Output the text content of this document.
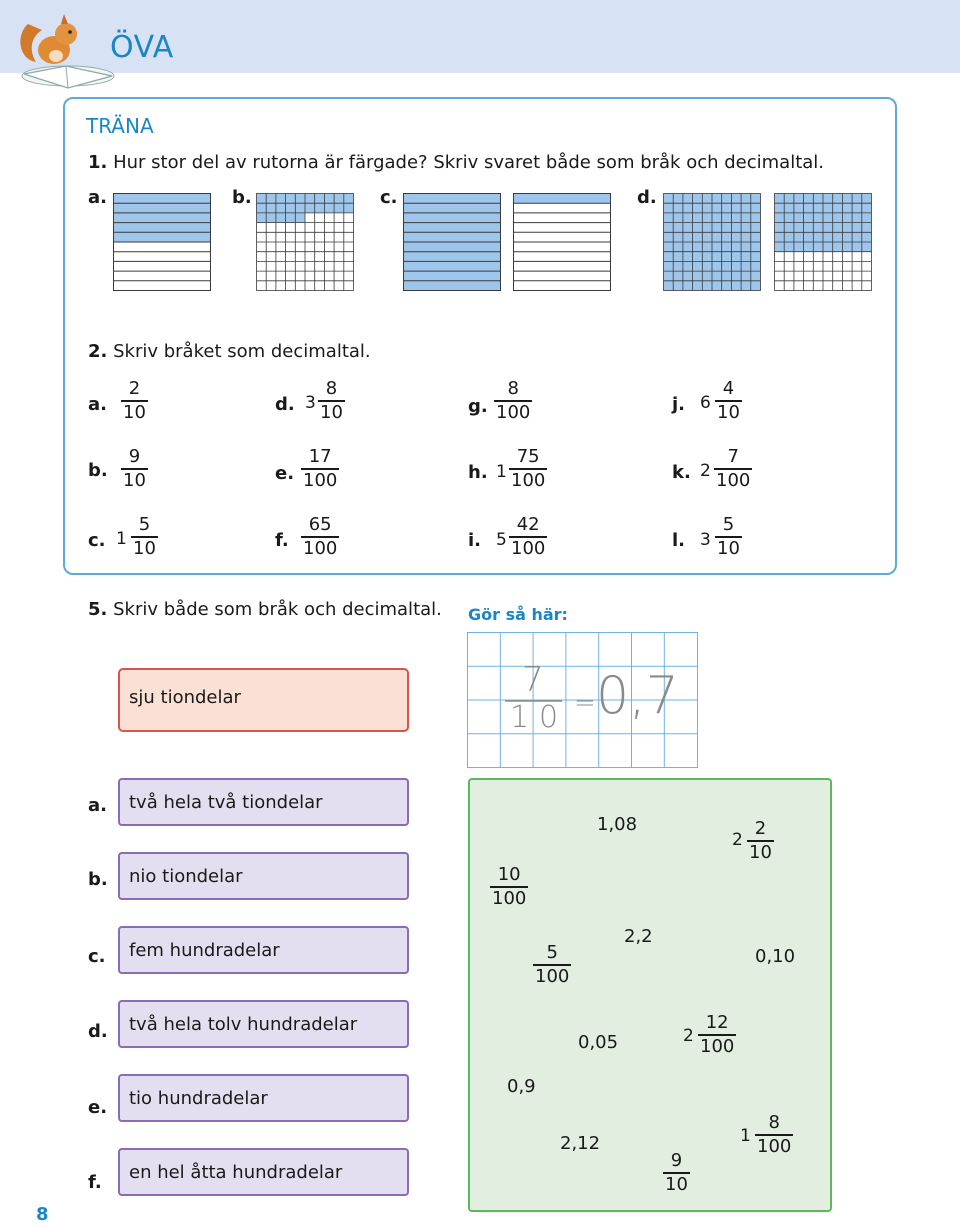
ÖVA
TRÄNA
1. Hur stor del av rutorna är färgade? Skriv svaret både som bråk och decimaltal.
a.	b.	c.	d.
2. Skriv bråket som decimaltal.
a.
2
10
b.
9
10
c. 1
5
10
d. 3
8
10
e.
17
100
f.
65
100
g.
8
100
h. 1
75
100
i. 5
42
100
j. 6
4
10
k. 2
7
100
l. 3
5
10
5. Skriv både som bråk och decimaltal. Gör så här:
7
1 0 = 0,7
sju tiondelar
a. två hela två tiondelar
b. nio tiondelar
c. fem hundradelar
d. två hela tolv hundradelar
e. tio hundradelar
f. en hel åtta hundradelar
1,08
2
2
10
10
100
2,2
5
100
0,10
2
12
100
0,05
0,9
1
8
100
2,12
9
10
8
